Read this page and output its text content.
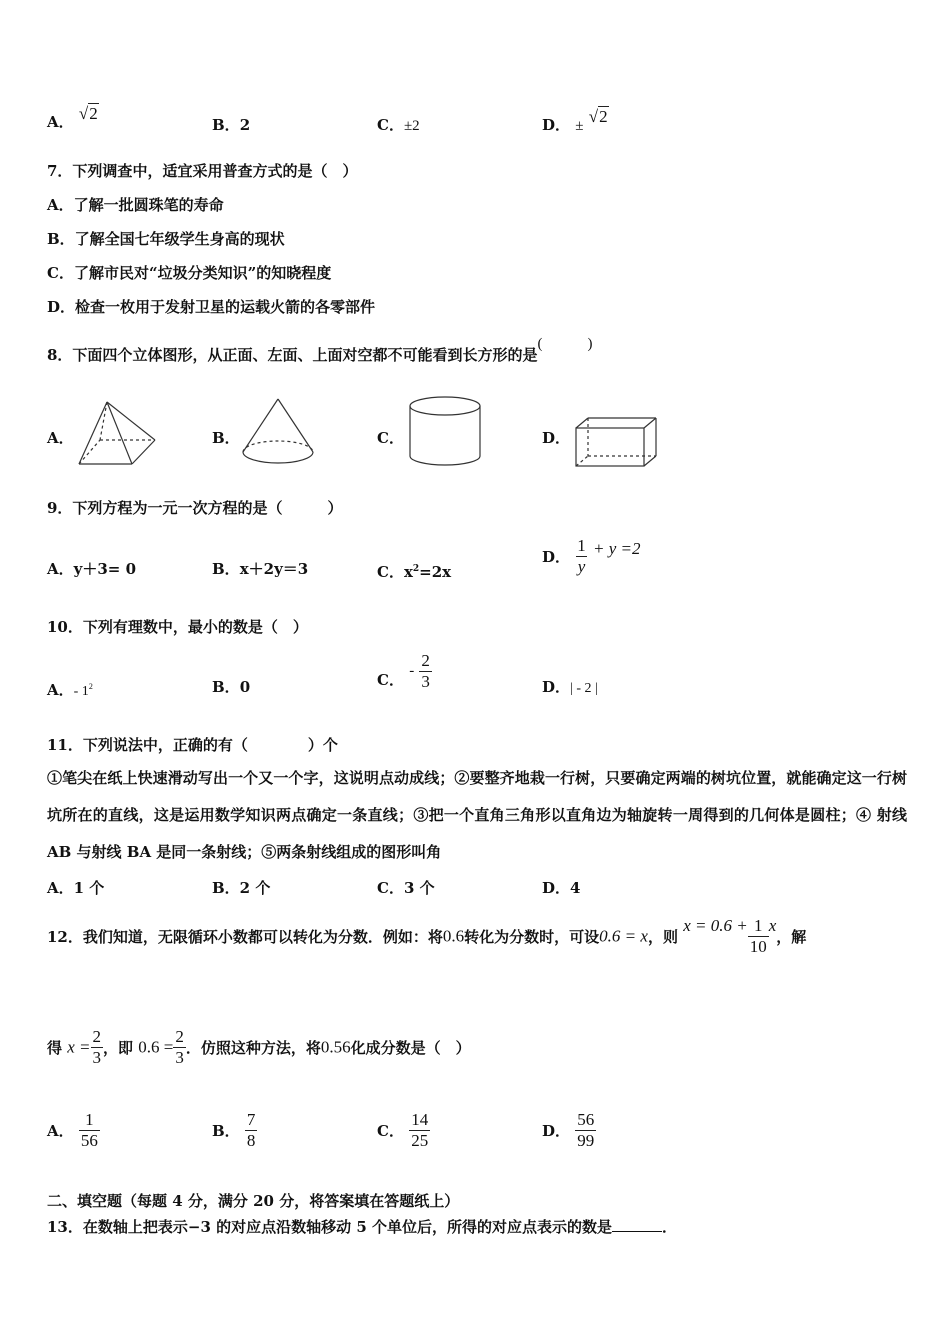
A． √2
B．2	C．±2	D． ± √2
7．下列调查中，适宜采用普查方式的是（　）
A．了解一批圆珠笔的寿命
B．了解全国七年级学生身高的现状
C．了解市民对“垃圾分类知识”的知晓程度
D．检查一枚用于发射卫星的运载火箭的各零部件
8．下面四个立体图形，从正面、左面、上面对空都不可能看到长方形的是(　　　)
A．	B．	C．	D．
9．下列方程为一元一次方程的是（　　　）
A．y＋3= 0	B．x＋2y＝3	C．$x^2=2x$
D． $\frac{1}{y} + y =2$
10．下列有理数中，最小的数是（　）
A．- $1^2$	B．0	C． - $\frac{2}{3}$	D．| - 2 |
11．下列说法中，正确的有（　　　　）个
①笔尖在纸上快速滑动写出一个又一个字，这说明点动成线；②要整齐地栽一行树，只要确定两端的树坑位置，就能确定这一行树坑所在的直线，这是运用数学知识两点确定一条直线；③把一个直角三角形以直角边为轴旋转一周得到的几何体是圆柱；④ 射线 AB 与射线 BA 是同一条射线；⑤两条射线组成的图形叫角
A．1 个	B．2 个	C．3 个	D．4
12．我们知道，无限循环小数都可以转化为分数．例如：将0.6转化为分数时，可设0.6 = x，则 $x = 0.6 + \frac{1}{10}$ x，解
得 $x = \frac{2}{3}$ ，即 $0.6 = \frac{2}{3}$ ．仿照这种方法，将0.56化成分数是（　）
A． $\frac{1}{56}$	B． $\frac{7}{8}$	C． $\frac{14}{25}$	D． $\frac{56}{99}$
二、填空题（每题 4 分，满分 20 分，将答案填在答题纸上）
13．在数轴上把表示−3 的对应点沿数轴移动 5 个单位后，所得的对应点表示的数是	．
